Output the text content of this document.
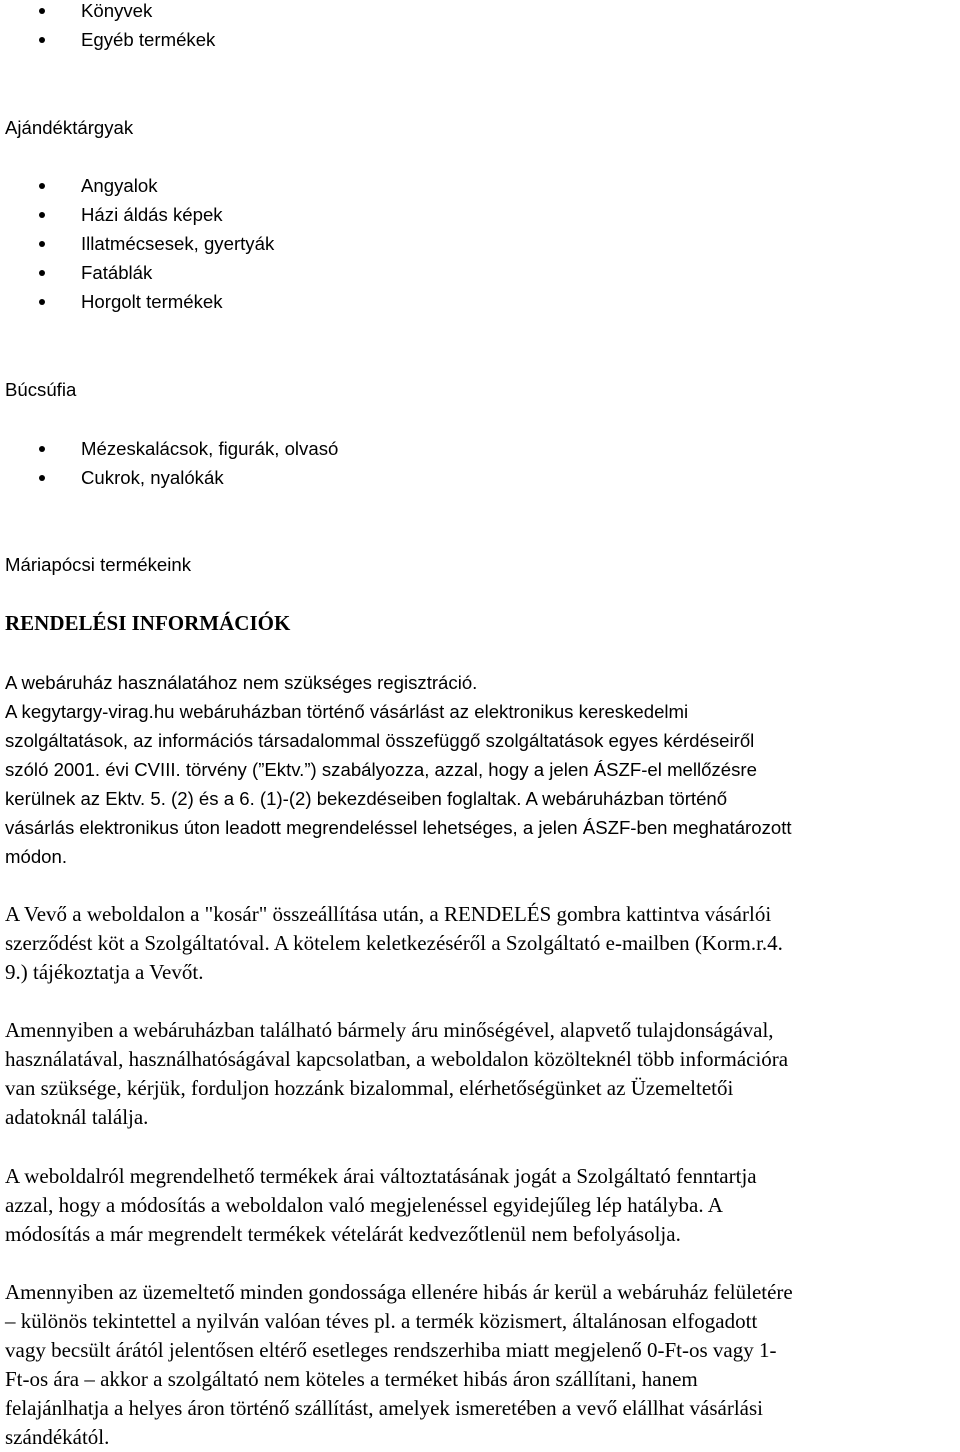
Könyvek
Egyéb termékek
Ajándéktárgyak
Angyalok
Házi áldás képek
Illatmécsesek, gyertyák
Fatáblák
Horgolt termékek
Búcsúfia
Mézeskalácsok, figurák, olvasó
Cukrok, nyalókák
Máriapócsi termékeink
RENDELÉSI INFORMÁCIÓK
A webáruház használatához nem szükséges regisztráció.
A kegytargy-virag.hu webáruházban történő vásárlást az elektronikus kereskedelmi
szolgáltatások, az információs társadalommal összefüggő szolgáltatások egyes kérdéseiről
szóló 2001. évi CVIII. törvény (”Ektv.”) szabályozza, azzal, hogy a jelen ÁSZF-el mellőzésre
kerülnek az Ektv. 5. (2) és a 6. (1)-(2) bekezdéseiben foglaltak. A webáruházban történő
vásárlás elektronikus úton leadott megrendeléssel lehetséges, a jelen ÁSZF-ben meghatározott
módon.
A Vevő a weboldalon a "kosár" összeállítása után, a RENDELÉS gombra kattintva vásárlói
szerződést köt a Szolgáltatóval. A kötelem keletkezéséről a Szolgáltató e-mailben (Korm.r.4.
9.) tájékoztatja a Vevőt.
Amennyiben a webáruházban található bármely áru minőségével, alapvető tulajdonságával,
használatával, használhatóságával kapcsolatban, a weboldalon közölteknél több információra
van szüksége, kérjük, forduljon hozzánk bizalommal, elérhetőségünket az Üzemeltetői
adatoknál találja.
A weboldalról megrendelhető termékek árai változtatásának jogát a Szolgáltató fenntartja
azzal, hogy a módosítás a weboldalon való megjelenéssel egyidejűleg lép hatályba. A
módosítás a már megrendelt termékek vételárát kedvezőtlenül nem befolyásolja.
Amennyiben az üzemeltető minden gondossága ellenére hibás ár kerül a webáruház felületére
– különös tekintettel a nyilván valóan téves pl. a termék közismert, általánosan elfogadott
vagy becsült árától jelentősen eltérő esetleges rendszerhiba miatt megjelenő 0-Ft-os vagy 1-
Ft-os ára – akkor a szolgáltató nem köteles a terméket hibás áron szállítani, hanem
felajánlhatja a helyes áron történő szállítást, amelyek ismeretében a vevő elállhat vásárlási
szándékától.
